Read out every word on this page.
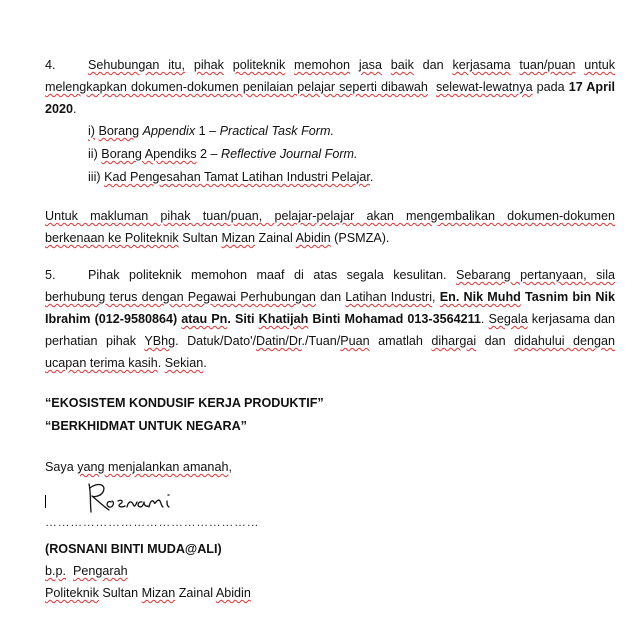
4.	Sehubungan itu, pihak politeknik memohon jasa baik dan kerjasama tuan/puan untuk melengkapkan dokumen-dokumen penilaian pelajar seperti dibawah selewat-lewatnya pada 17 April 2020.

i) Borang Appendix 1 – Practical Task Form.
ii) Borang Apendiks 2 – Reflective Journal Form.
iii) Kad Pengesahan Tamat Latihan Industri Pelajar.

Untuk makluman pihak tuan/puan, pelajar-pelajar akan mengembalikan dokumen-dokumen berkenaan ke Politeknik Sultan Mizan Zainal Abidin (PSMZA).

5.	Pihak politeknik memohon maaf di atas segala kesulitan. Sebarang pertanyaan, sila berhubung terus dengan Pegawai Perhubungan dan Latihan Industri, En. Nik Muhd Tasnim bin Nik Ibrahim (012-9580864) atau Pn. Siti Khatijah Binti Mohamad 013-3564211. Segala kerjasama dan perhatian pihak YBhg. Datuk/Dato'/Datin/Dr./Tuan/Puan amatlah dihargai dan didahului dengan ucapan terima kasih. Sekian.

“EKOSISTEM KONDUSIF KERJA PRODUKTIF”
“BERKHIDMAT UNTUK NEGARA”
Saya yang menjalankan amanah,
……………………………………………
(ROSNANI BINTI MUDA@ALI)
b.p. Pengarah
Politeknik Sultan Mizan Zainal Abidin
